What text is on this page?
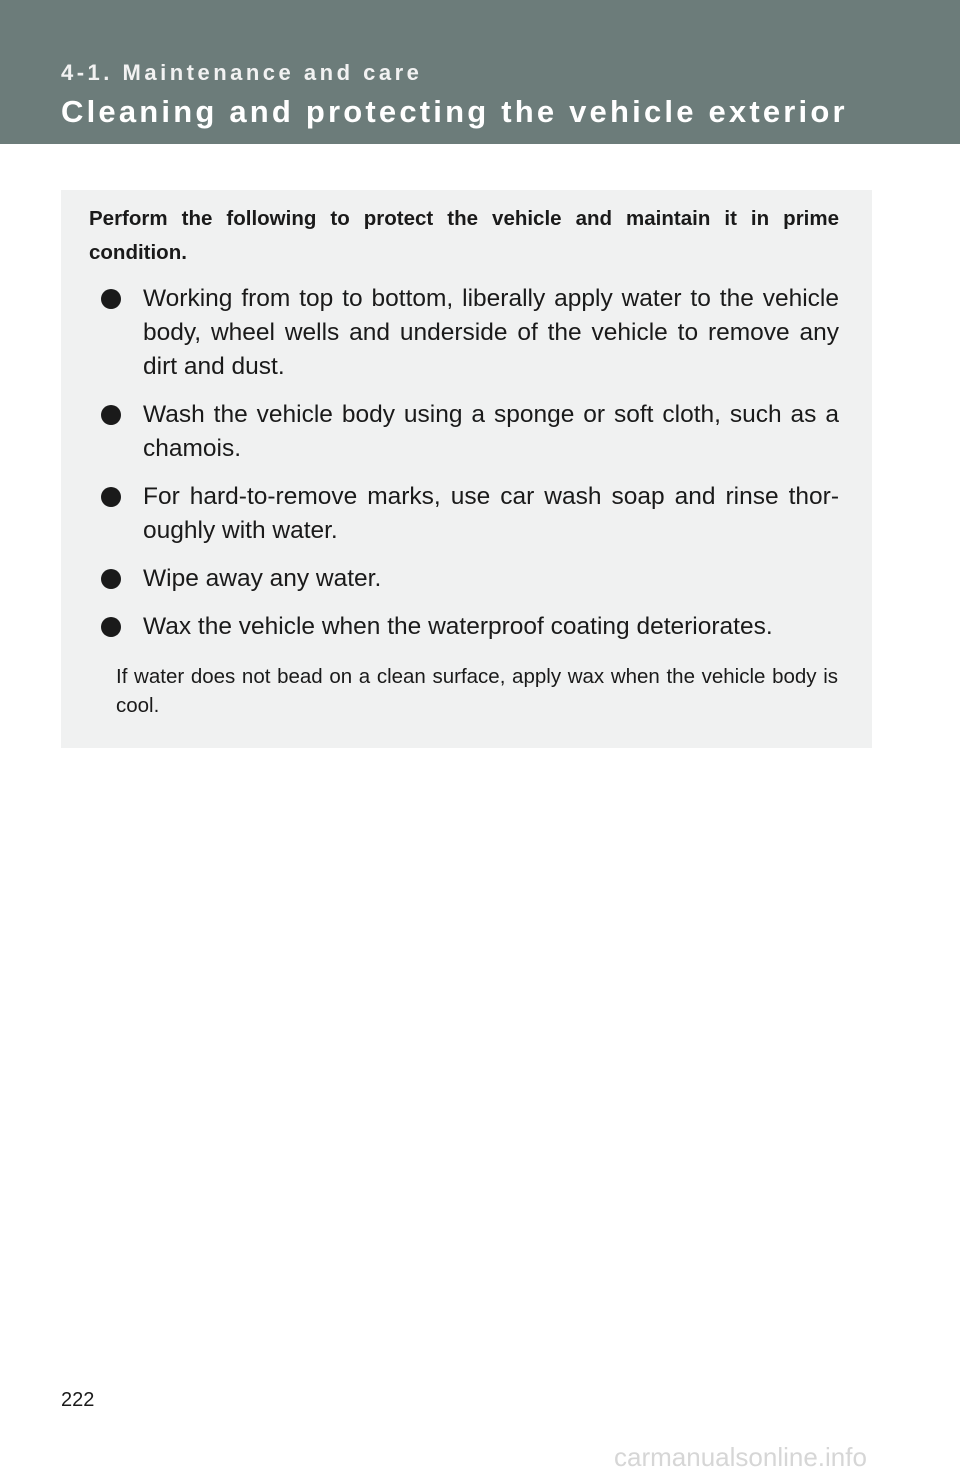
4-1. Maintenance and care
Cleaning and protecting the vehicle exterior
Perform the following to protect the vehicle and maintain it in prime condition.
Working from top to bottom, liberally apply water to the vehicle body, wheel wells and underside of the vehicle to remove any dirt and dust.
Wash the vehicle body using a sponge or soft cloth, such as a chamois.
For hard-to-remove marks, use car wash soap and rinse thor-oughly with water.
Wipe away any water.
Wax the vehicle when the waterproof coating deteriorates.
If water does not bead on a clean surface, apply wax when the vehicle body is cool.
222
carmanualsonline.info
